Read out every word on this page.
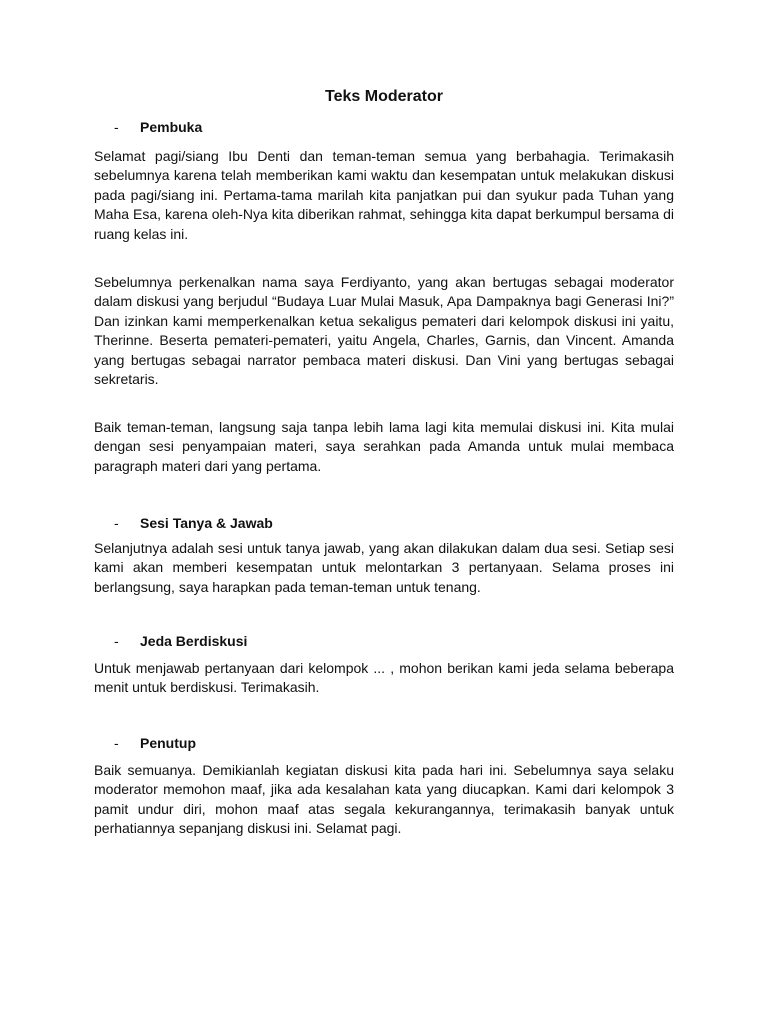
Teks Moderator
-	Pembuka

Selamat pagi/siang Ibu Denti dan teman-teman semua yang berbahagia. Terimakasih sebelumnya karena telah memberikan kami waktu dan kesempatan untuk melakukan diskusi pada pagi/siang ini. Pertama-tama marilah kita panjatkan pui dan syukur pada Tuhan yang Maha Esa, karena oleh-Nya kita diberikan rahmat, sehingga kita dapat berkumpul bersama di ruang kelas ini.

Sebelumnya perkenalkan nama saya Ferdiyanto, yang akan bertugas sebagai moderator dalam diskusi yang berjudul “Budaya Luar Mulai Masuk, Apa Dampaknya bagi Generasi Ini?” Dan izinkan kami memperkenalkan ketua sekaligus pemateri dari kelompok diskusi ini yaitu, Therinne. Beserta pemateri-pemateri, yaitu Angela, Charles, Garnis, dan Vincent. Amanda yang bertugas sebagai narrator pembaca materi diskusi. Dan Vini yang bertugas sebagai sekretaris.

Baik teman-teman, langsung saja tanpa lebih lama lagi kita memulai diskusi ini. Kita mulai dengan sesi penyampaian materi, saya serahkan pada Amanda untuk mulai membaca paragraph materi dari yang pertama.

-	Sesi Tanya & Jawab

Selanjutnya adalah sesi untuk tanya jawab, yang akan dilakukan dalam dua sesi. Setiap sesi kami akan memberi kesempatan untuk melontarkan 3 pertanyaan. Selama proses ini berlangsung, saya harapkan pada teman-teman untuk tenang.

-	Jeda Berdiskusi

Untuk menjawab pertanyaan dari kelompok ... , mohon berikan kami jeda selama beberapa menit untuk berdiskusi. Terimakasih.

-	Penutup

Baik semuanya. Demikianlah kegiatan diskusi kita pada hari ini. Sebelumnya saya selaku moderator memohon maaf, jika ada kesalahan kata yang diucapkan. Kami dari kelompok 3 pamit undur diri, mohon maaf atas segala kekurangannya, terimakasih banyak untuk perhatiannya sepanjang diskusi ini. Selamat pagi.
